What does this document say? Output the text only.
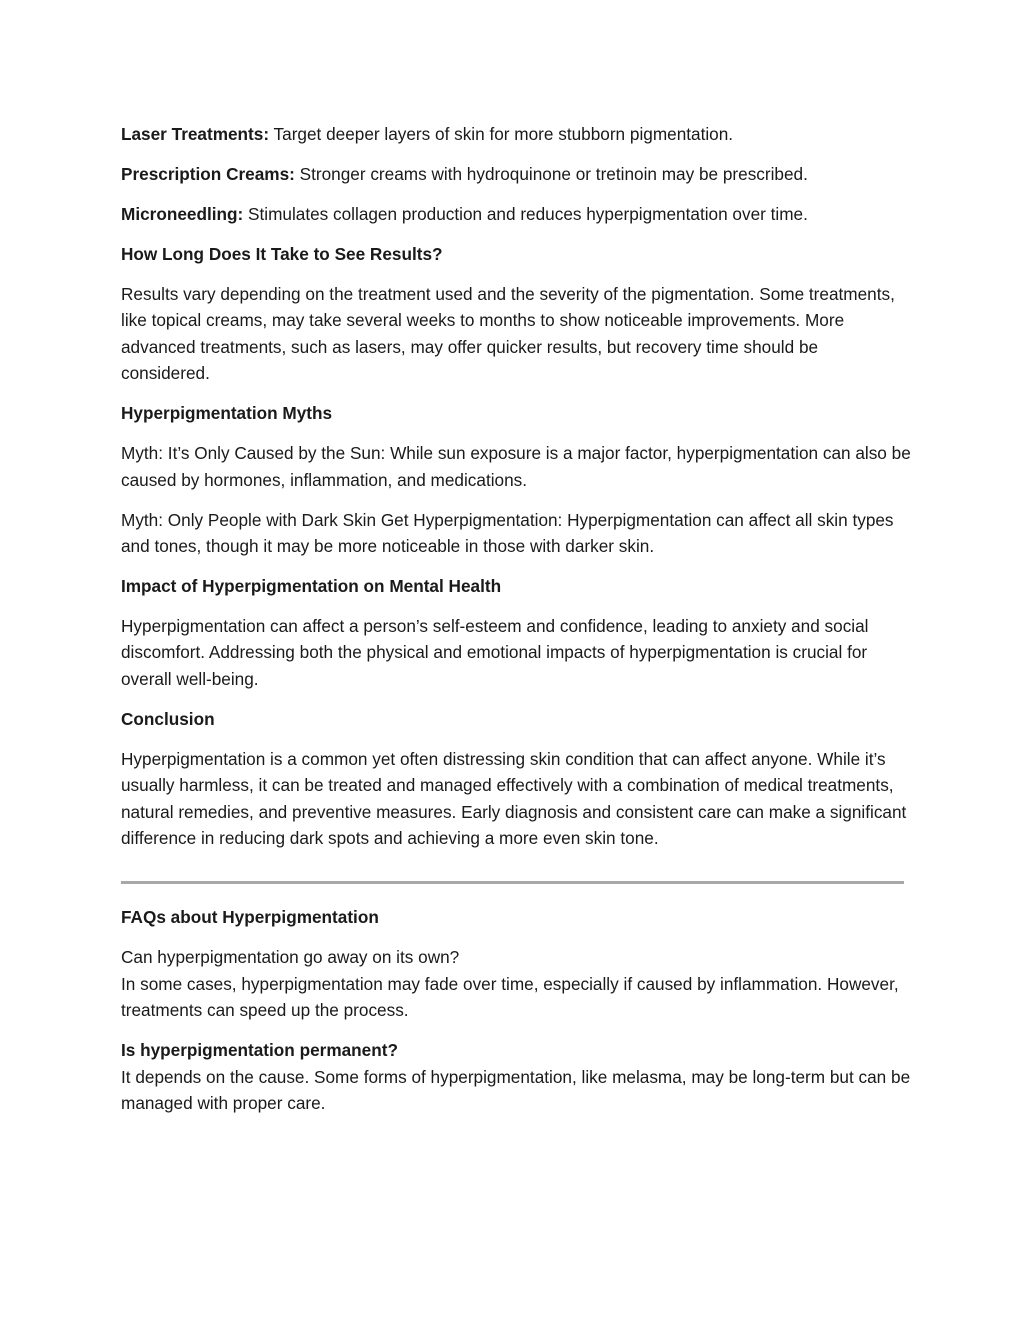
Laser Treatments: Target deeper layers of skin for more stubborn pigmentation.

Prescription Creams: Stronger creams with hydroquinone or tretinoin may be prescribed.

Microneedling: Stimulates collagen production and reduces hyperpigmentation over time.

How Long Does It Take to See Results?

Results vary depending on the treatment used and the severity of the pigmentation. Some treatments, like topical creams, may take several weeks to months to show noticeable improvements. More advanced treatments, such as lasers, may offer quicker results, but recovery time should be considered.

Hyperpigmentation Myths

Myth: It’s Only Caused by the Sun: While sun exposure is a major factor, hyperpigmentation can also be caused by hormones, inflammation, and medications.

Myth: Only People with Dark Skin Get Hyperpigmentation: Hyperpigmentation can affect all skin types and tones, though it may be more noticeable in those with darker skin.

Impact of Hyperpigmentation on Mental Health

Hyperpigmentation can affect a person’s self-esteem and confidence, leading to anxiety and social discomfort. Addressing both the physical and emotional impacts of hyperpigmentation is crucial for overall well-being.

Conclusion

Hyperpigmentation is a common yet often distressing skin condition that can affect anyone. While it’s usually harmless, it can be treated and managed effectively with a combination of medical treatments, natural remedies, and preventive measures. Early diagnosis and consistent care can make a significant difference in reducing dark spots and achieving a more even skin tone.

FAQs about Hyperpigmentation

Can hyperpigmentation go away on its own?
In some cases, hyperpigmentation may fade over time, especially if caused by inflammation. However, treatments can speed up the process.

Is hyperpigmentation permanent?
It depends on the cause. Some forms of hyperpigmentation, like melasma, may be long-term but can be managed with proper care.
